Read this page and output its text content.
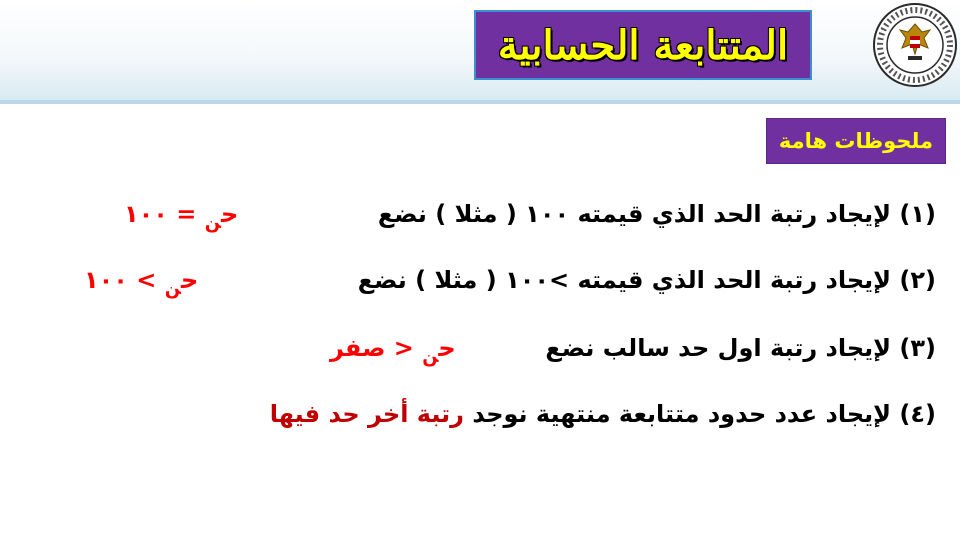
المتتابعة الحسابية
ملحوظات هامة
(١) لإيجاد رتبة الحد الذي قيمته ١٠٠ ( مثلا ) نضع
ح$_ن$ = ١٠٠
(٢) لإيجاد رتبة الحد الذي قيمته >١٠٠ ( مثلا ) نضع
ح$_ن$ > ١٠٠
(٣) لإيجاد رتبة اول حد سالب نضع
ح$_ن$ < صفر
(٤) لإيجاد عدد حدود متتابعة منتهية نوجد رتبة أخر حد فيها
